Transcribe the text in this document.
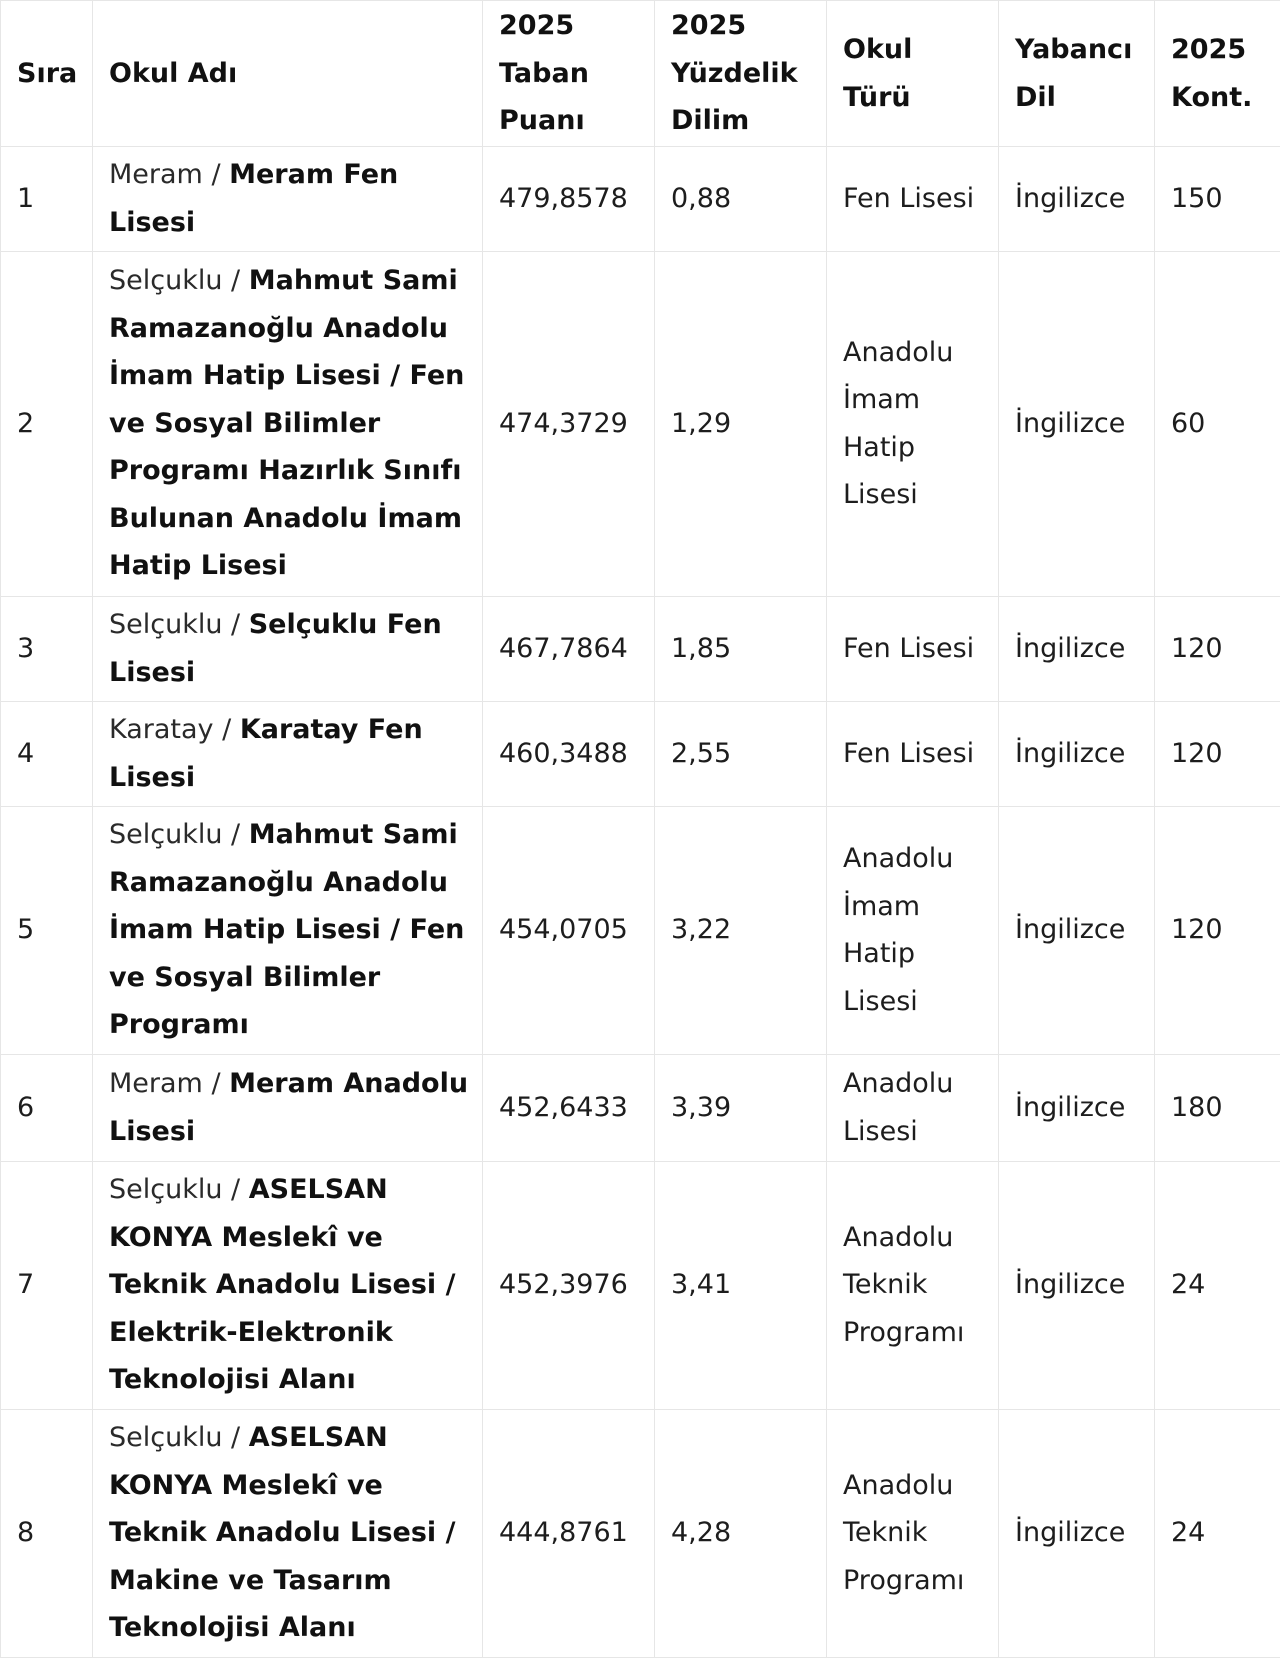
Sıra	Okul Adı	2025 Taban Puanı	2025 Yüzdelik Dilim	Okul Türü	Yabancı Dil	2025 Kont.
1	Meram / Meram Fen Lisesi	479,8578	0,88	Fen Lisesi	İngilizce	150
2	Selçuklu / Mahmut Sami Ramazanoğlu Anadolu İmam Hatip Lisesi / Fen ve Sosyal Bilimler Programı Hazırlık Sınıfı Bulunan Anadolu İmam Hatip Lisesi	474,3729	1,29	Anadolu İmam Hatip Lisesi	İngilizce	60
3	Selçuklu / Selçuklu Fen Lisesi	467,7864	1,85	Fen Lisesi	İngilizce	120
4	Karatay / Karatay Fen Lisesi	460,3488	2,55	Fen Lisesi	İngilizce	120
5	Selçuklu / Mahmut Sami Ramazanoğlu Anadolu İmam Hatip Lisesi / Fen ve Sosyal Bilimler Programı	454,0705	3,22	Anadolu İmam Hatip Lisesi	İngilizce	120
6	Meram / Meram Anadolu Lisesi	452,6433	3,39	Anadolu Lisesi	İngilizce	180
7	Selçuklu / ASELSAN KONYA Meslekî ve Teknik Anadolu Lisesi / Elektrik-Elektronik Teknolojisi Alanı	452,3976	3,41	Anadolu Teknik Programı	İngilizce	24
8	Selçuklu / ASELSAN KONYA Meslekî ve Teknik Anadolu Lisesi / Makine ve Tasarım Teknolojisi Alanı	444,8761	4,28	Anadolu Teknik Programı	İngilizce	24
